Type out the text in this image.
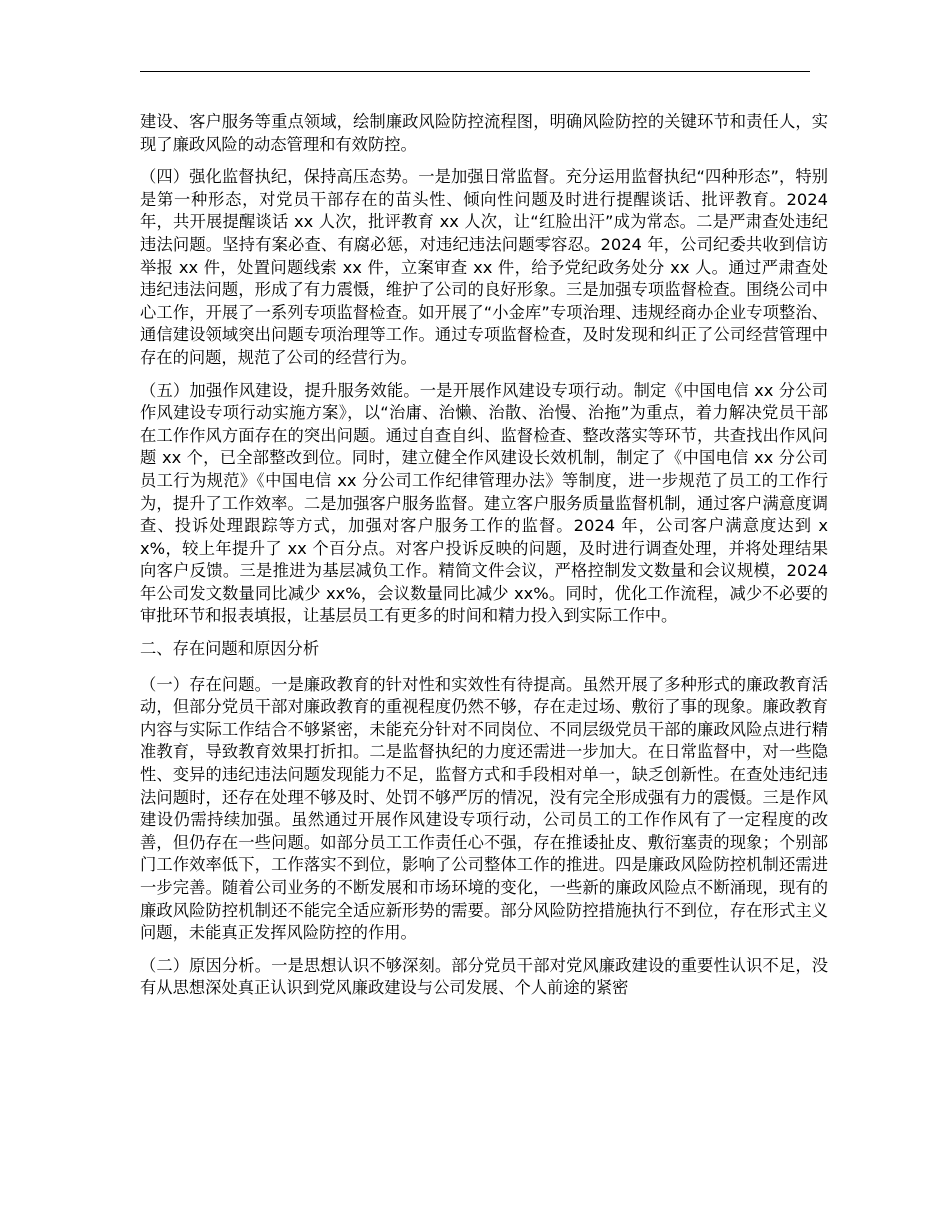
建设、客户服务等重点领域，绘制廉政风险防控流程图，明确风险防控的关键环节和责任人，实现了廉政风险的动态管理和有效防控。

（四）强化监督执纪，保持高压态势。一是加强日常监督。充分运用监督执纪“四种形态”，特别是第一种形态，对党员干部存在的苗头性、倾向性问题及时进行提醒谈话、批评教育。2024 年，共开展提醒谈话 xx 人次，批评教育 xx 人次，让“红脸出汗”成为常态。二是严肃查处违纪违法问题。坚持有案必查、有腐必惩，对违纪违法问题零容忍。2024 年，公司纪委共收到信访举报 xx 件，处置问题线索 xx 件，立案审查 xx 件，给予党纪政务处分 xx 人。通过严肃查处违纪违法问题，形成了有力震慑，维护了公司的良好形象。三是加强专项监督检查。围绕公司中心工作，开展了一系列专项监督检查。如开展了“小金库”专项治理、违规经商办企业专项整治、通信建设领域突出问题专项治理等工作。通过专项监督检查，及时发现和纠正了公司经营管理中存在的问题，规范了公司的经营行为。

（五）加强作风建设，提升服务效能。一是开展作风建设专项行动。制定《中国电信 xx 分公司作风建设专项行动实施方案》，以“治庸、治懒、治散、治慢、治拖”为重点，着力解决党员干部在工作作风方面存在的突出问题。通过自查自纠、监督检查、整改落实等环节，共查找出作风问题 xx 个，已全部整改到位。同时，建立健全作风建设长效机制，制定了《中国电信 xx 分公司员工行为规范》《中国电信 xx 分公司工作纪律管理办法》等制度，进一步规范了员工的工作行为，提升了工作效率。二是加强客户服务监督。建立客户服务质量监督机制，通过客户满意度调查、投诉处理跟踪等方式，加强对客户服务工作的监督。2024 年，公司客户满意度达到 xx%，较上年提升了 xx 个百分点。对客户投诉反映的问题，及时进行调查处理，并将处理结果向客户反馈。三是推进为基层减负工作。精简文件会议，严格控制发文数量和会议规模，2024 年公司发文数量同比减少 xx%，会议数量同比减少 xx%。同时，优化工作流程，减少不必要的审批环节和报表填报，让基层员工有更多的时间和精力投入到实际工作中。

二、存在问题和原因分析

（一）存在问题。一是廉政教育的针对性和实效性有待提高。虽然开展了多种形式的廉政教育活动，但部分党员干部对廉政教育的重视程度仍然不够，存在走过场、敷衍了事的现象。廉政教育内容与实际工作结合不够紧密，未能充分针对不同岗位、不同层级党员干部的廉政风险点进行精准教育，导致教育效果打折扣。二是监督执纪的力度还需进一步加大。在日常监督中，对一些隐性、变异的违纪违法问题发现能力不足，监督方式和手段相对单一，缺乏创新性。在查处违纪违法问题时，还存在处理不够及时、处罚不够严厉的情况，没有完全形成强有力的震慑。三是作风建设仍需持续加强。虽然通过开展作风建设专项行动，公司员工的工作作风有了一定程度的改善，但仍存在一些问题。如部分员工工作责任心不强，存在推诿扯皮、敷衍塞责的现象；个别部门工作效率低下，工作落实不到位，影响了公司整体工作的推进。四是廉政风险防控机制还需进一步完善。随着公司业务的不断发展和市场环境的变化，一些新的廉政风险点不断涌现，现有的廉政风险防控机制还不能完全适应新形势的需要。部分风险防控措施执行不到位，存在形式主义问题，未能真正发挥风险防控的作用。

（二）原因分析。一是思想认识不够深刻。部分党员干部对党风廉政建设的重要性认识不足，没有从思想深处真正认识到党风廉政建设与公司发展、个人前途的紧密
